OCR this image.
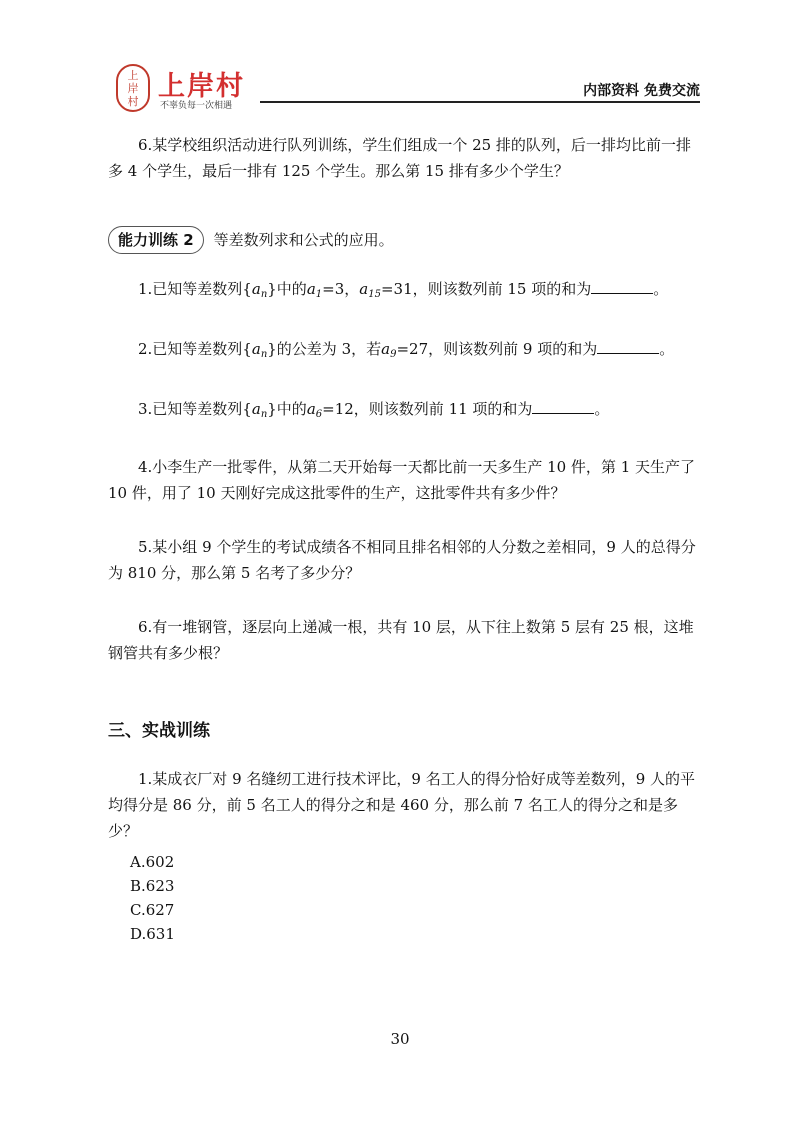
上
岸
村 上岸村
不辜负每一次相遇
内部资料 免费交流

6.某学校组织活动进行队列训练，学生们组成一个 25 排的队列，后一排均比前一排多 4 个学生，最后一排有 125 个学生。那么第 15 排有多少个学生？

能力训练 2 等差数列求和公式的应用。

1.已知等差数列$\{a_n\}$中的$a_1=3$，$a_{15}=31$，则该数列前 15 项的和为	。

2.已知等差数列$\{a_n\}$的公差为 3，若$a_9=27$，则该数列前 9 项的和为	。

3.已知等差数列$\{a_n\}$中的$a_6=12$，则该数列前 11 项的和为	。

4.小李生产一批零件，从第二天开始每一天都比前一天多生产 10 件，第 1 天生产了 10 件，用了 10 天刚好完成这批零件的生产，这批零件共有多少件？

5.某小组 9 个学生的考试成绩各不相同且排名相邻的人分数之差相同，9 人的总得分为 810 分，那么第 5 名考了多少分？

6.有一堆钢管，逐层向上递减一根，共有 10 层，从下往上数第 5 层有 25 根，这堆钢管共有多少根？

三、实战训练

1.某成衣厂对 9 名缝纫工进行技术评比，9 名工人的得分恰好成等差数列，9 人的平均得分是 86 分，前 5 名工人的得分之和是 460 分，那么前 7 名工人的得分之和是多少？

A.602
B.623
C.627
D.631
30
